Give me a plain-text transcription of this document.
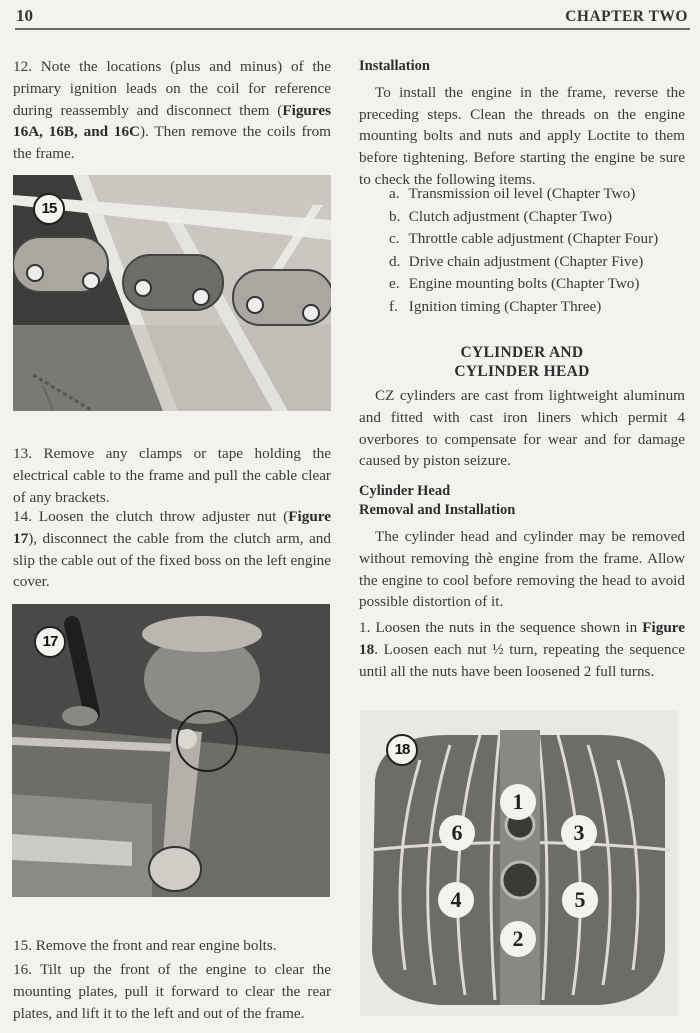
10	CHAPTER TWO

12. Note the locations (plus and minus) of the primary ignition leads on the coil for reference during reassembly and disconnect them (Figures 16A, 16B, and 16C). Then remove the coils from the frame.

15

13. Remove any clamps or tape holding the electrical cable to the frame and pull the cable clear of any brackets.

14. Loosen the clutch throw adjuster nut (Figure 17), disconnect the cable from the clutch arm, and slip the cable out of the fixed boss on the left engine cover.

17

15. Remove the front and rear engine bolts.

16. Tilt up the front of the engine to clear the mounting plates, pull it forward to clear the rear plates, and lift it to the left and out of the frame.

Installation

To install the engine in the frame, reverse the preceding steps. Clean the threads on the engine mounting bolts and nuts and apply Loctite to them before tightening. Before starting the engine be sure to check the following items.

a. Transmission oil level (Chapter Two)
b. Clutch adjustment (Chapter Two)
c. Throttle cable adjustment (Chapter Four)
d. Drive chain adjustment (Chapter Five)
e. Engine mounting bolts (Chapter Two)
f. Ignition timing (Chapter Three)
CYLINDER AND
CYLINDER HEAD

CZ cylinders are cast from lightweight aluminum and fitted with cast iron liners which permit 4 overbores to compensate for wear and for damage caused by piston seizure.

Cylinder Head

Removal and Installation

The cylinder head and cylinder may be removed without removing thè engine from the frame. Allow the engine to cool before removing the head to avoid possible distortion of it.

1. Loosen the nuts in the sequence shown in Figure 18. Loosen each nut ½ turn, repeating the sequence until all the nuts have been loosened 2 full turns.

18
1
2
3
4	5
6
